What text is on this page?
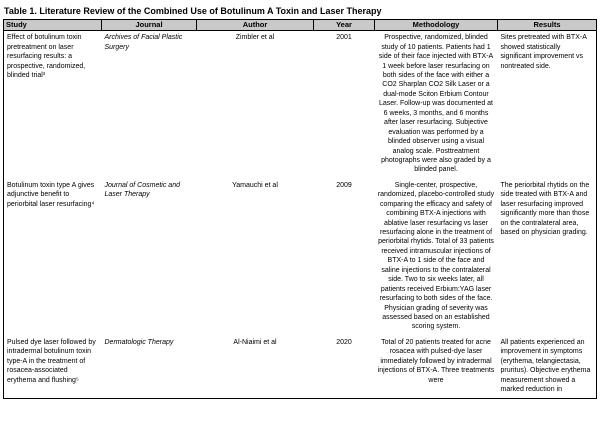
Table 1. Literature Review of the Combined Use of Botulinum A Toxin and Laser Therapy
Study	Journal	Author	Year	Methodology	Results
Effect of botulinum toxin pretreatment on laser resurfacing results: a prospective, randomized, blinded trial³	Archives of Facial Plastic Surgery	Zimbler et al	2001	Prospective, randomized, blinded study of 10 patients. Patients had 1 side of their face injected with BTX-A 1 week before laser resurfacing on both sides of the face with either a CO2 Sharplan CO2 Silk Laser or a dual-mode Sciton Erbium Contour Laser. Follow-up was documented at 6 weeks, 3 months, and 6 months after laser resurfacing. Subjective evaluation was performed by a blinded observer using a visual analog scale. Posttreatment photographs were also graded by a blinded panel.	Sites pretreated with BTX-A showed statistically significant improvement vs nontreated side.
Botulinum toxin type A gives adjunctive benefit to periorbital laser resurfacing⁴	Journal of Cosmetic and Laser Therapy	Yamauchi et al	2009	Single-center, prospective, randomized, placebo-controlled study comparing the efficacy and safety of combining BTX-A injections with ablative laser resurfacing vs laser resurfacing alone in the treatment of periorbital rhytids. Total of 33 patients received intramuscular injections of BTX-A to 1 side of the face and saline injections to the contralateral side. Two to six weeks later, all patients received Erbium:YAG laser resurfacing to both sides of the face. Physician grading of severity was assessed based on an established scoring system.	The periorbital rhytids on the side treated with BTX-A and laser resurfacing improved significantly more than those on the contralateral area, based on physician grading.
Pulsed dye laser followed by intradermal botulinum toxin type-A in the treatment of rosacea-associated erythema and flushing⁵	Dermatologic Therapy	Al-Niaimi et al	2020	Total of 20 patients treated for acne rosacea with pulsed-dye laser immediately followed by intradermal injections of BTX-A. Three treatments were	All patients experienced an improvement in symptoms (erythema, telangiectasia, pruritus). Objective erythema measurement showed a marked reduction in
